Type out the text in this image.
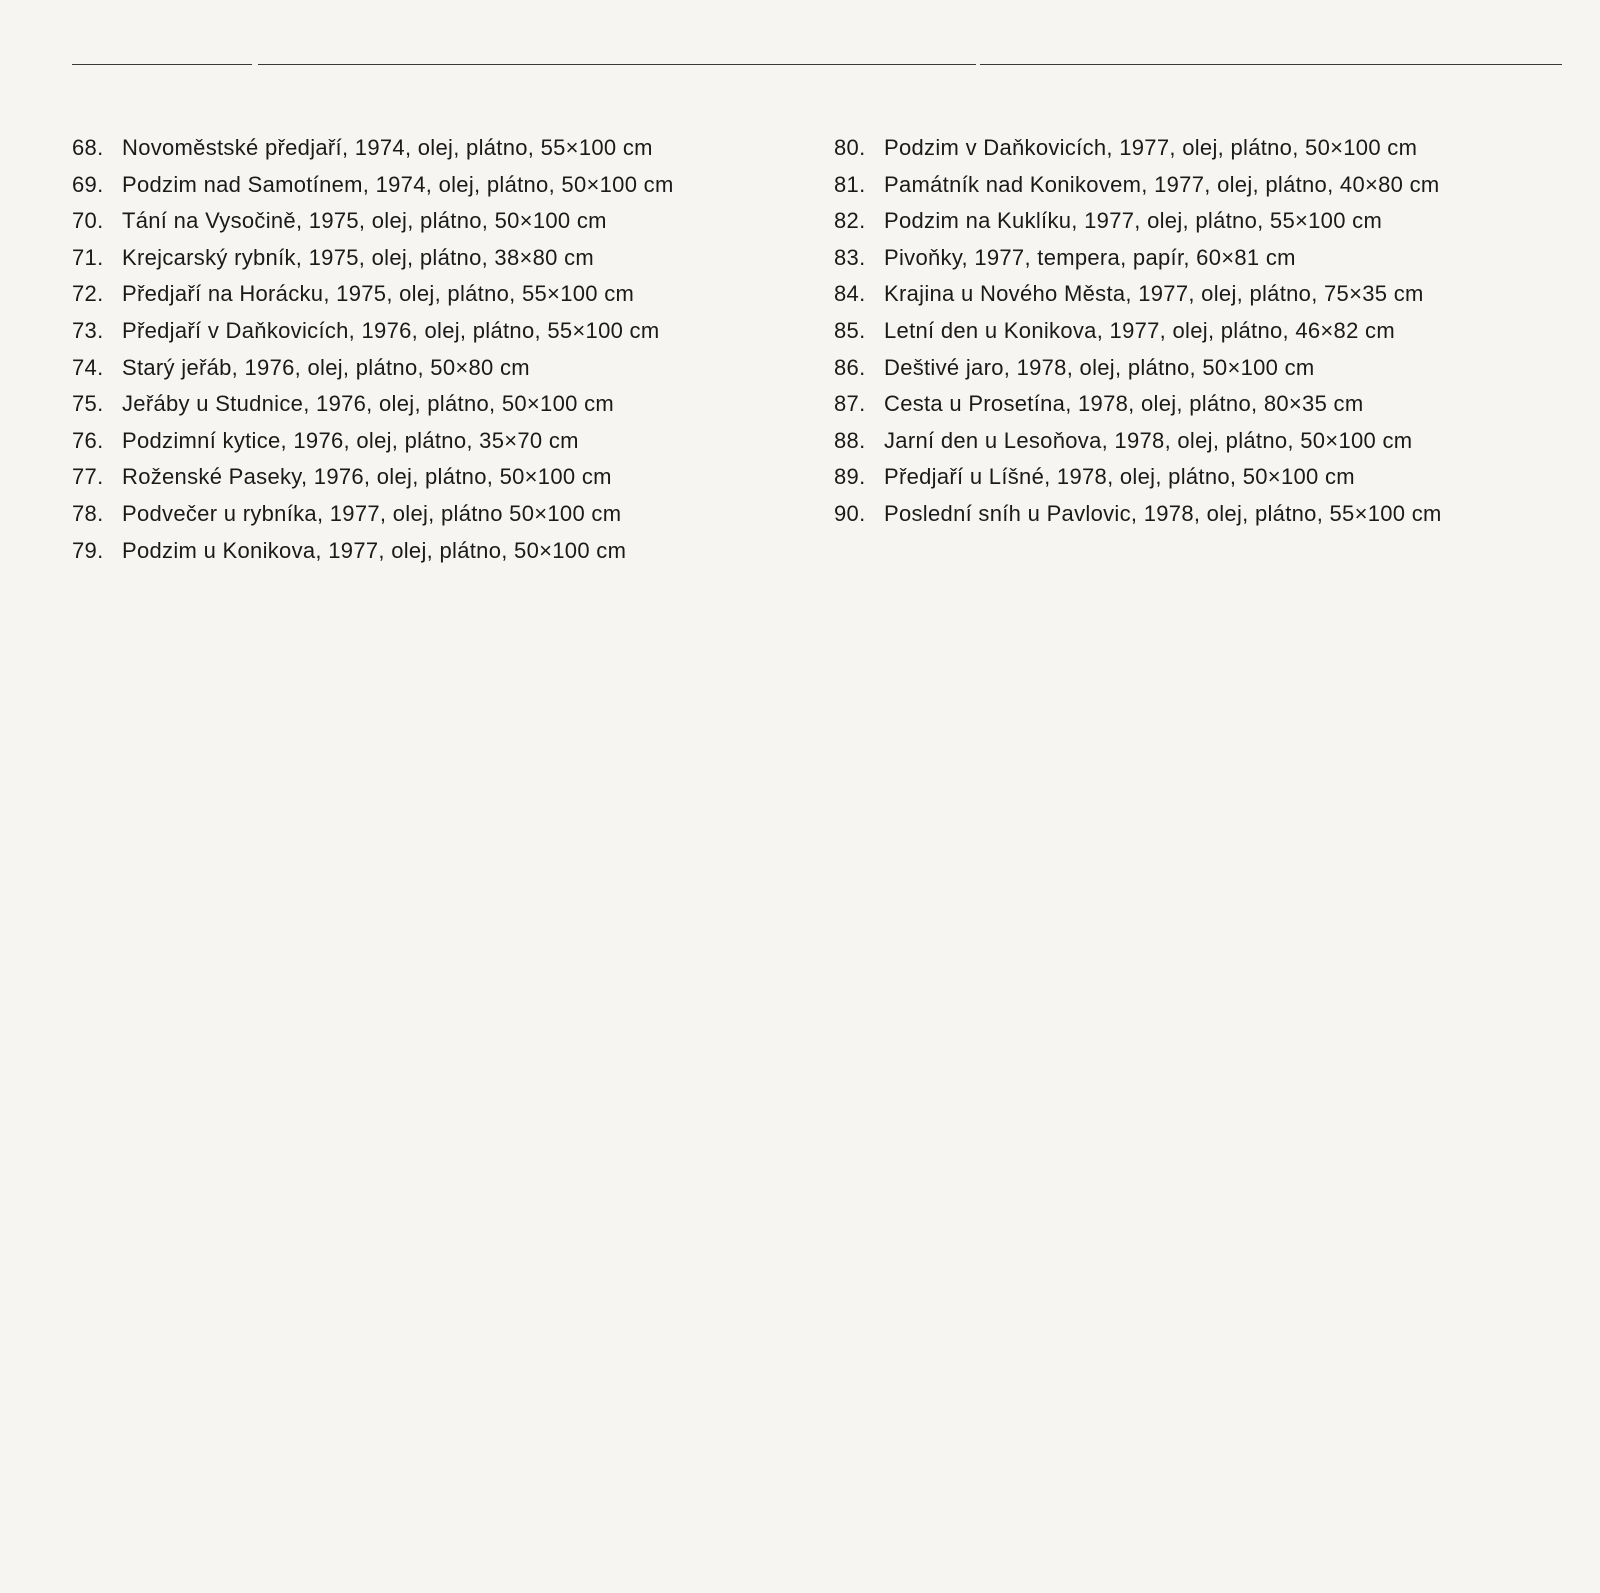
68. Novoměstské předjaří, 1974, olej, plátno, 55×100 cm
69. Podzim nad Samotínem, 1974, olej, plátno, 50×100 cm
70. Tání na Vysočině, 1975, olej, plátno, 50×100 cm
71. Krejcarský rybník, 1975, olej, plátno, 38×80 cm
72. Předjaří na Horácku, 1975, olej, plátno, 55×100 cm
73. Předjaří v Daňkovicích, 1976, olej, plátno, 55×100 cm
74. Starý jeřáb, 1976, olej, plátno, 50×80 cm
75. Jeřáby u Studnice, 1976, olej, plátno, 50×100 cm
76. Podzimní kytice, 1976, olej, plátno, 35×70 cm
77. Roženské Paseky, 1976, olej, plátno, 50×100 cm
78. Podvečer u rybníka, 1977, olej, plátno 50×100 cm
79. Podzim u Konikova, 1977, olej, plátno, 50×100 cm
80. Podzim v Daňkovicích, 1977, olej, plátno, 50×100 cm
81. Památník nad Konikovem, 1977, olej, plátno, 40×80 cm
82. Podzim na Kuklíku, 1977, olej, plátno, 55×100 cm
83. Pivoňky, 1977, tempera, papír, 60×81 cm
84. Krajina u Nového Města, 1977, olej, plátno, 75×35 cm
85. Letní den u Konikova, 1977, olej, plátno, 46×82 cm
86. Deštivé jaro, 1978, olej, plátno, 50×100 cm
87. Cesta u Prosetína, 1978, olej, plátno, 80×35 cm
88. Jarní den u Lesoňova, 1978, olej, plátno, 50×100 cm
89. Předjaří u Líšné, 1978, olej, plátno, 50×100 cm
90. Poslední sníh u Pavlovic, 1978, olej, plátno, 55×100 cm
